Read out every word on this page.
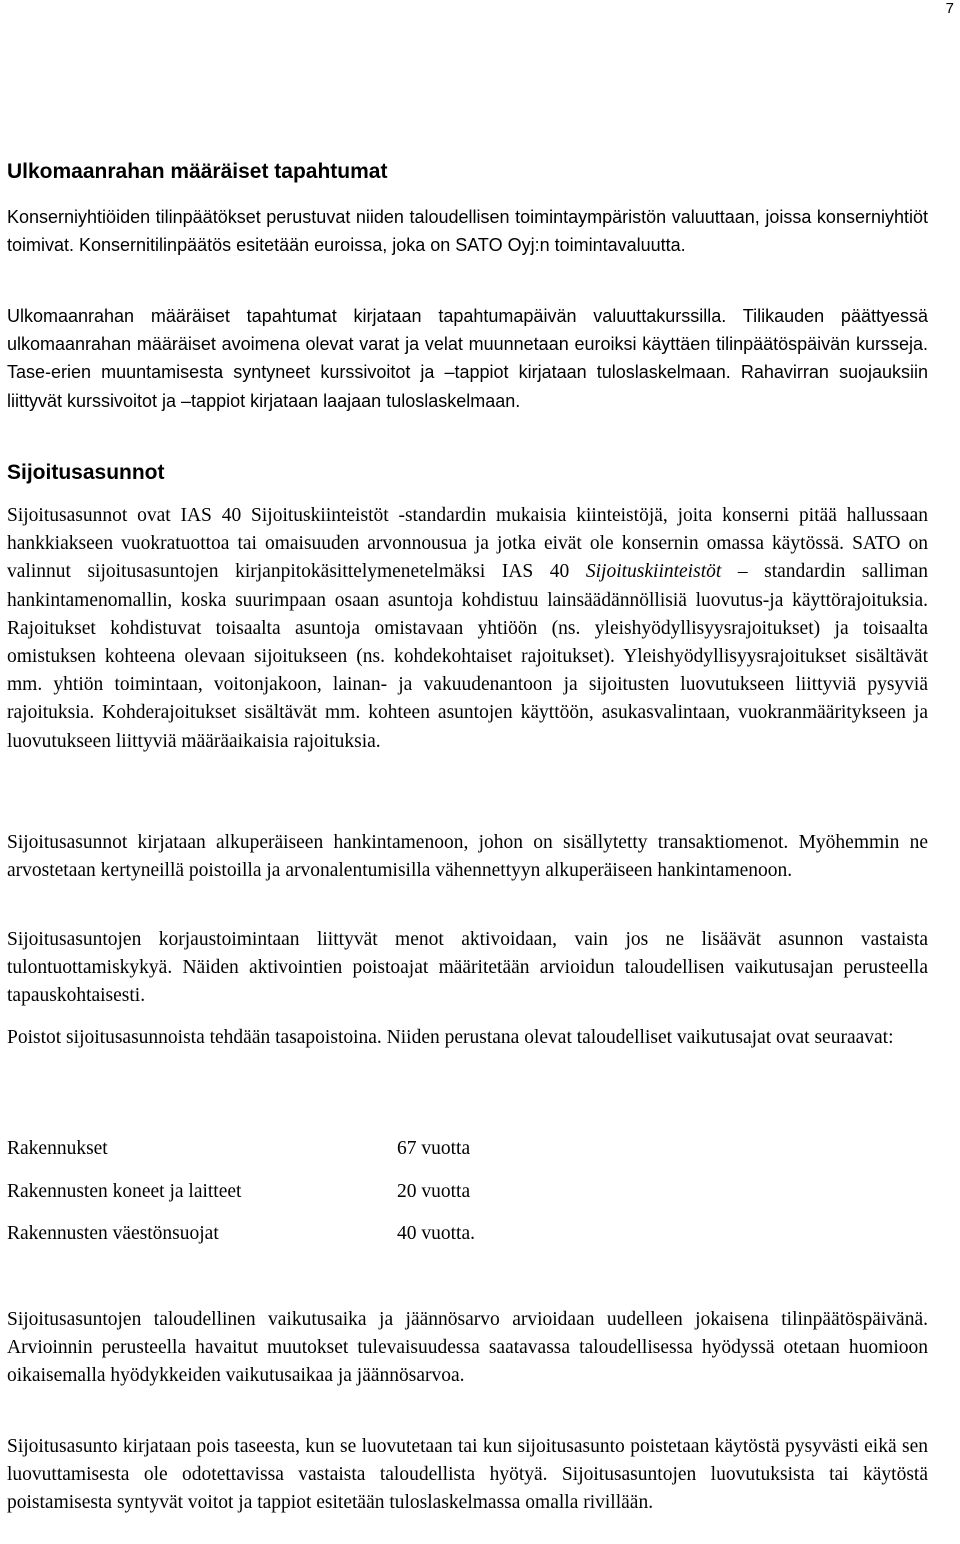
7
Ulkomaanrahan määräiset tapahtumat

Konserniyhtiöiden tilinpäätökset perustuvat niiden taloudellisen toimintaympäristön valuuttaan, joissa konserniyhtiöt toimivat. Konsernitilinpäätös esitetään euroissa, joka on SATO Oyj:n toimintavaluutta.

Ulkomaanrahan määräiset tapahtumat kirjataan tapahtumapäivän valuuttakurssilla. Tilikauden päättyessä ulkomaanrahan määräiset avoimena olevat varat ja velat muunnetaan euroiksi käyttäen tilinpäätöspäivän kursseja. Tase-erien muuntamisesta syntyneet kurssivoitot ja –tappiot kirjataan tuloslaskelmaan. Rahavirran suojauksiin liittyvät kurssivoitot ja –tappiot kirjataan laajaan tuloslaskelmaan.

Sijoitusasunnot

Sijoitusasunnot ovat IAS 40 Sijoituskiinteistöt -standardin mukaisia kiinteistöjä, joita konserni pitää hallussaan hankkiakseen vuokratuottoa tai omaisuuden arvonnousua ja jotka eivät ole konsernin omassa käytössä. SATO on valinnut sijoitusasuntojen kirjanpitokäsittelymenetelmäksi IAS 40 Sijoituskiinteistöt – standardin salliman hankintamenomallin, koska suurimpaan osaan asuntoja kohdistuu lainsäädännöllisiä luovutus-ja käyttörajoituksia. Rajoitukset kohdistuvat toisaalta asuntoja omistavaan yhtiöön (ns. yleishyödyllisyysrajoitukset) ja toisaalta omistuksen kohteena olevaan sijoitukseen (ns. kohdekohtaiset rajoitukset). Yleishyödyllisyysrajoitukset sisältävät mm. yhtiön toimintaan, voitonjakoon, lainan- ja vakuudenantoon ja sijoitusten luovutukseen liittyviä pysyviä rajoituksia. Kohderajoitukset sisältävät mm. kohteen asuntojen käyttöön, asukasvalintaan, vuokranmääritykseen ja luovutukseen liittyviä määräaikaisia rajoituksia.

Sijoitusasunnot kirjataan alkuperäiseen hankintamenoon, johon on sisällytetty transaktiomenot. Myöhemmin ne arvostetaan kertyneillä poistoilla ja arvonalentumisilla vähennettyyn alkuperäiseen hankintamenoon.

Sijoitusasuntojen korjaustoimintaan liittyvät menot aktivoidaan, vain jos ne lisäävät asunnon vastaista tulontuottamiskykyä. Näiden aktivointien poistoajat määritetään arvioidun taloudellisen vaikutusajan perusteella tapauskohtaisesti.

Poistot sijoitusasunnoista tehdään tasapoistoina. Niiden perustana olevat taloudelliset vaikutusajat ovat seuraavat:

Rakennukset	67 vuotta
Rakennusten koneet ja laitteet	20 vuotta
Rakennusten väestönsuojat	40 vuotta.

Sijoitusasuntojen taloudellinen vaikutusaika ja jäännösarvo arvioidaan uudelleen jokaisena tilinpäätöspäivänä. Arvioinnin perusteella havaitut muutokset tulevaisuudessa saatavassa taloudellisessa hyödyssä otetaan huomioon oikaisemalla hyödykkeiden vaikutusaikaa ja jäännösarvoa.

Sijoitusasunto kirjataan pois taseesta, kun se luovutetaan tai kun sijoitusasunto poistetaan käytöstä pysyvästi eikä sen luovuttamisesta ole odotettavissa vastaista taloudellista hyötyä. Sijoitusasuntojen luovutuksista tai käytöstä poistamisesta syntyvät voitot ja tappiot esitetään tuloslaskelmassa omalla rivillään.
